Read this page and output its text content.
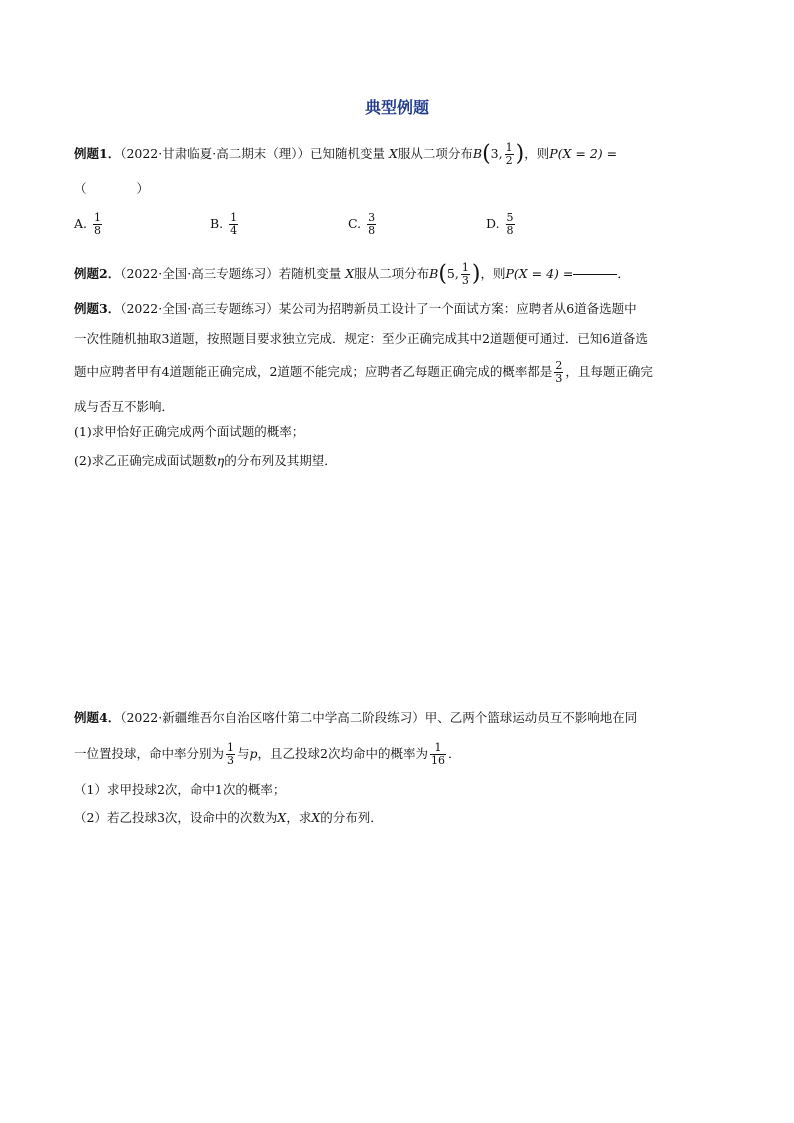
典型例题
例题1．（2022·甘肃临夏·高二期末（理））已知随机变量 X服从二项分布B(3, $\frac{1}{2}$ )，则P(X = 2) =
（　　　　）
A. $\frac{1}{8}$	B. $\frac{1}{4}$	C. $\frac{3}{8}$	D. $\frac{5}{8}$
例题2．（2022·全国·高三专题练习）若随机变量 X服从二项分布B(5, $\frac{1}{3}$ )，则P(X = 4) =	．
例题3．（2022·全国·高三专题练习）某公司为招聘新员工设计了一个面试方案：应聘者从6道备选题中
一次性随机抽取3道题，按照题目要求独立完成．规定：至少正确完成其中2道题便可通过．已知6道备选
题中应聘者甲有4道题能正确完成，2道题不能完成；应聘者乙每题正确完成的概率都是 $\frac{2}{3}$ ，且每题正确完
成与否互不影响．
(1)求甲恰好正确完成两个面试题的概率；
(2)求乙正确完成面试题数η的分布列及其期望．
例题4．（2022·新疆维吾尔自治区喀什第二中学高二阶段练习）甲、乙两个篮球运动员互不影响地在同
一位置投球，命中率分别为 $\frac{1}{3}$ 与p，且乙投球2次均命中的概率为 $\frac{1}{16}$ ．
（1）求甲投球2次，命中1次的概率；
（2）若乙投球3次，设命中的次数为X，求X的分布列．
